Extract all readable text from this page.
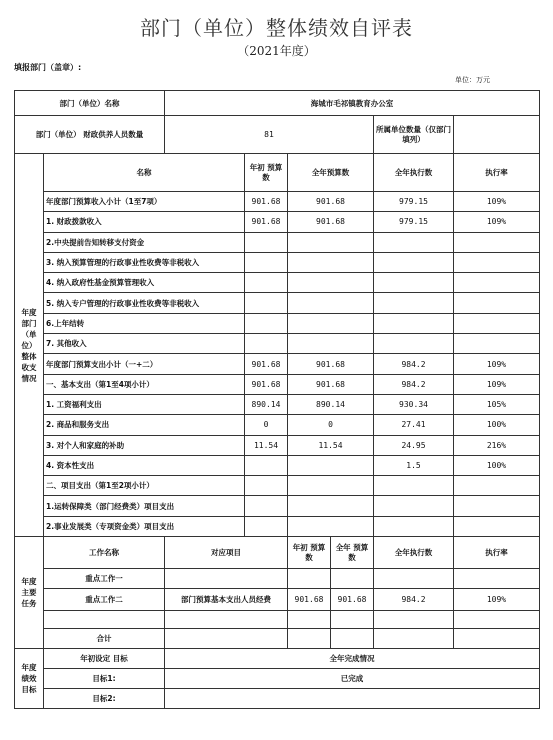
部门（单位）整体绩效自评表
（2021年度）
填报部门（盖章）:
单位：万元
部门（单位）名称		海城市毛祁镇教育办公室					
部门（单位） 财政供养人员数量		81				所属单位数量（仅部门填列）	
年度部门（单位）整体收支情况	名称		年初 预算数	全年预算数		全年执行数	执行率
	年度部门预算收入小计（1至7项）		901.68	901.68		979.15	109%
	1. 财政拨款收入		901.68	901.68		979.15	109%
	2.中央提前告知转移支付资金						
	3. 纳入预算管理的行政事业性收费等非税收入						
	4. 纳入政府性基金预算管理收入						
	5. 纳入专户管理的行政事业性收费等非税收入						
	6.上年结转						
	7. 其他收入						
	年度部门预算支出小计（一+二）		901.68	901.68		984.2	109%
	一、基本支出（第1至4项小计）		901.68	901.68		984.2	109%
	1. 工资福利支出		890.14	890.14		930.34	105%
	2. 商品和服务支出		0	0		27.41	100%
	3. 对个人和家庭的补助		11.54	11.54		24.95	216%
	4. 资本性支出					1.5	100%
	二、项目支出（第1至2项小计）						
	1.运转保障类（部门经费类）项目支出						
	2.事业发展类（专项资金类）项目支出						
年度主要任务	工作名称	对应项目		年初 预算数	全年 预算数	全年执行数	执行率
	重点工作一						
	重点工作二	部门预算基本支出人员经费		901.68	901.68	984.2	109%

	合计						
年度绩效目标	年初设定 目标	全年完成情况					
	目标1:	已完成					
	目标2:						
